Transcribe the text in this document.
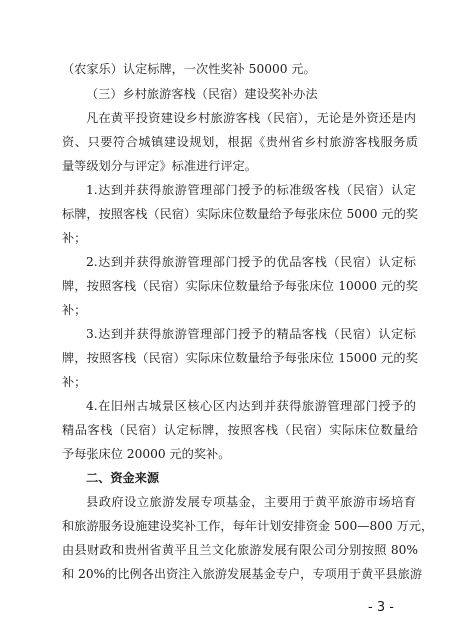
（农家乐）认定标牌，一次性奖补 50000 元。
（三）乡村旅游客栈（民宿）建设奖补办法
凡在黄平投资建设乡村旅游客栈（民宿），无论是外资还是内
资、只要符合城镇建设规划，根据《贵州省乡村旅游客栈服务质
量等级划分与评定》标准进行评定。
1.达到并获得旅游管理部门授予的标准级客栈（民宿）认定
标牌，按照客栈（民宿）实际床位数量给予每张床位 5000 元的奖
补；
2.达到并获得旅游管理部门授予的优品客栈（民宿）认定标
牌，按照客栈（民宿）实际床位数量给予每张床位 10000 元的奖
补；
3.达到并获得旅游管理部门授予的精品客栈（民宿）认定标
牌，按照客栈（民宿）实际床位数量给予每张床位 15000 元的奖
补；
4.在旧州古城景区核心区内达到并获得旅游管理部门授予的
精品客栈（民宿）认定标牌，按照客栈（民宿）实际床位数量给
予每张床位 20000 元的奖补。
二、资金来源
县政府设立旅游发展专项基金，主要用于黄平旅游市场培育
和旅游服务设施建设奖补工作，每年计划安排资金 500—800 万元，
由县财政和贵州省黄平且兰文化旅游发展有限公司分别按照 80%
和 20%的比例各出资注入旅游发展基金专户，专项用于黄平县旅游
- 3 -
